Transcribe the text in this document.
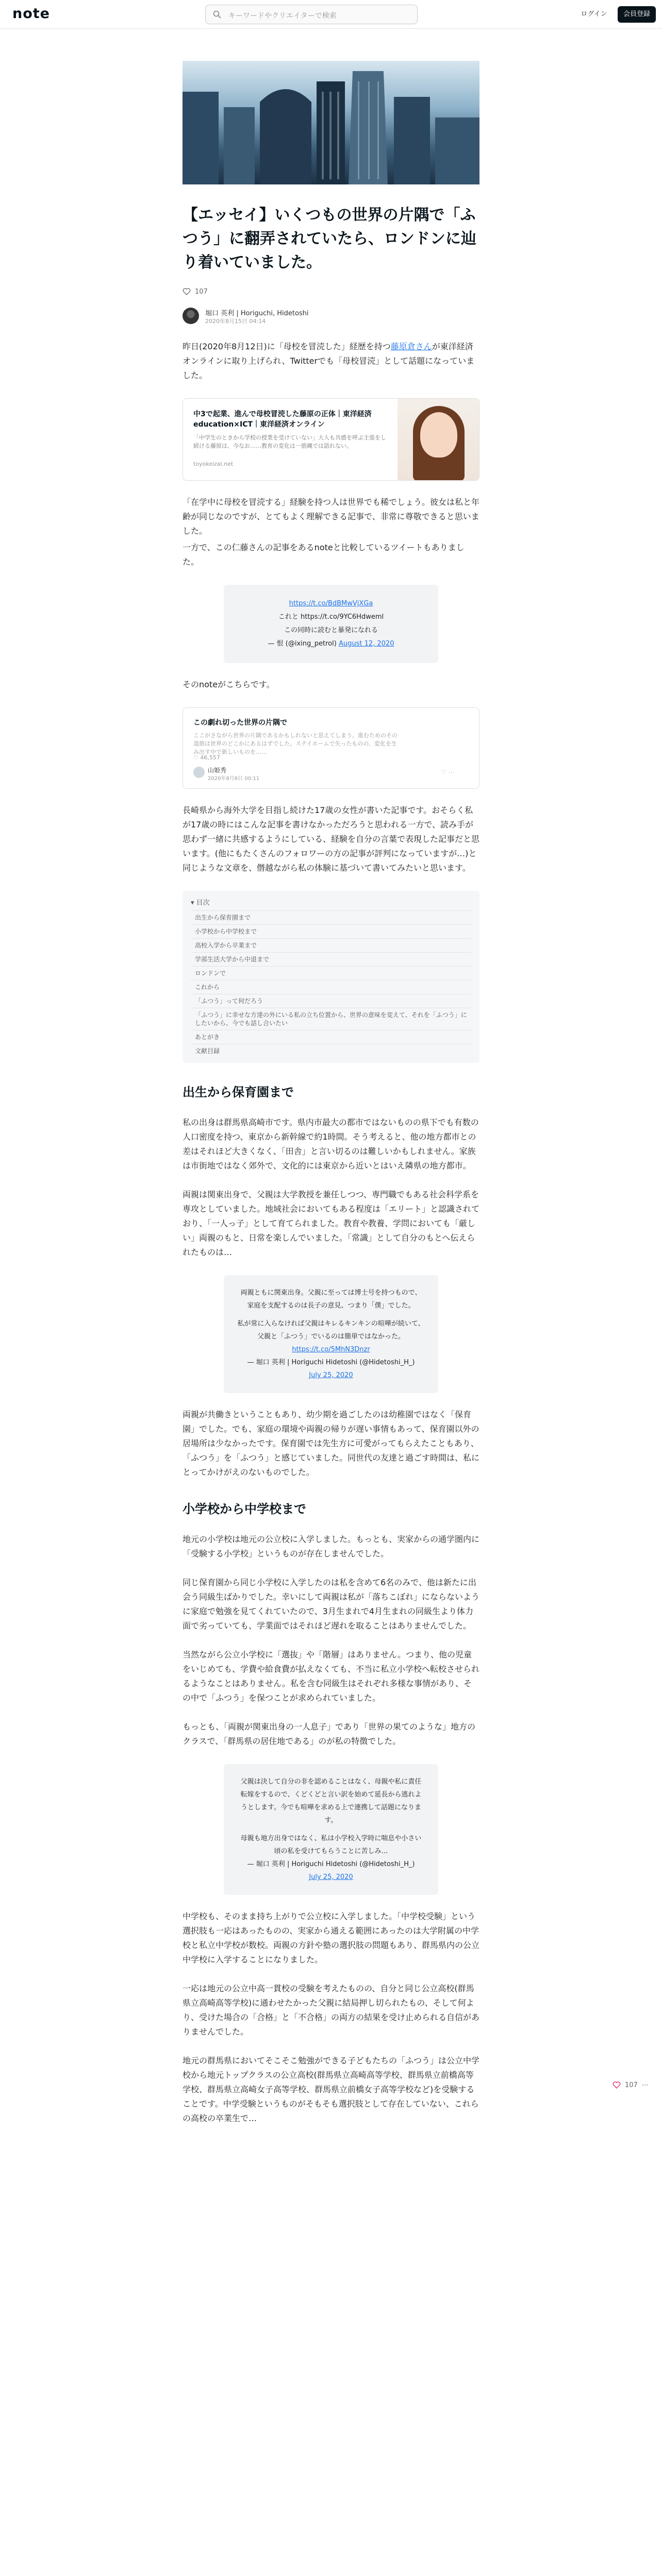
note	キーワードやクリエイターで検索	ログイン	会員登録
【エッセイ】いくつもの世界の片隅で「ふつう」に翻弄されていたら、ロンドンに辿り着いていました。
107
堀口 英利 | Horiguchi, Hidetoshi
2020年8月15日 04:14

昨日(2020年8月12日)に「母校を冒涜した」経歴を持つ藤原倉さんが東洋経済オンラインに取り上げられ、Twitterでも「母校冒涜」として話題になっていました。

中3で起業、進んで母校冒涜した藤原の正体｜東洋経済education×ICT｜東洋経済オンライン
「中学生のときから学校の授業を受けていない」大人も共感を呼ぶ主張をし続ける藤原は、今なお……教育の変化は一筋縄では語れない。
toyokeizai.net

「在学中に母校を冒涜する」経験を持つ人は世界でも稀でしょう。彼女は私と年齢が同じなのですが、とてもよく理解できる記事で、非常に尊敬できると思いました。

一方で、この仁藤さんの記事をあるnoteと比較しているツイートもありました。

https://t.co/BdBMwVjXGa
これと https://t.co/9YC6Hdweml
この同時に読むと暴発になれる
— 恨 (@ixing_petrol) August 12, 2020

そのnoteがこちらです。

この劇れ切った世界の片隅で
ここがさながら世界の片隅であるかもしれないと思えてしまう。進むためのその道筋は世界のどこかにあるはずでした。ステイホームで失ったものの、変化を生み出す中で新しいものを……
♡ 46,557
山姫秀
2020年8月8日 00:11
♡ ⋯

長崎県から海外大学を目指し続けた17歳の女性が書いた記事です。おそらく私が17歳の時にはこんな記事を書けなかっただろうと思われる一方で、読み手が思わず一緒に共感するようにしている、経験を自分の言葉で表現した記事だと思います。(他にもたくさんのフォロワーの方の記事が評判になっていますが…)と同じような文章を、僭越ながら私の体験に基づいて書いてみたいと思います。

▾ 目次
出生から保育園まで
小学校から中学校まで
高校入学から卒業まで
学部生活大学から中退まで
ロンドンで
これから
「ふつう」って何だろう
「ふつう」に幸せな方達の外にいる私の立ち位置から、世界の意味を変えて、それを「ふつう」にしたいから、今でも話し合いたい
あとがき
文献目録
出生から保育園まで

私の出身は群馬県高崎市です。県内市最大の都市ではないものの県下でも有数の人口密度を持つ、東京から新幹線で約1時間。そう考えると、他の地方都市との差はそれほど大きくなく、「田舎」と言い切るのは難しいかもしれません。家族は市街地ではなく郊外で、文化的には東京から近いとはいえ隣県の地方都市。

両親は関東出身で、父親は大学教授を兼任しつつ、専門職でもある社会科学系を専攻としていました。地域社会においてもある程度は「エリート」と認識されており、「一人っ子」として育てられました。教育や教養、学問においても「厳しい」両親のもと、日常を楽しんでいました。「常識」として自分のもとへ伝えられたものは…

両親ともに関東出身。父親に至っては博士号を持つもので、
家庭を支配するのは長子の意見、つまり「僕」でした。
私が常に入らなければ父親はキレるキンキンの喧嘩が続いて、
父親と「ふつう」でいるのは簡単ではなかった。
https://t.co/5MhN3Dnzr
— 堀口 英利 | Horiguchi Hidetoshi (@Hidetoshi_H_)
July 25, 2020

両親が共働きということもあり、幼少期を過ごしたのは幼稚園ではなく「保育園」でした。でも、家庭の環境や両親の帰りが遅い事情もあって、保育園以外の居場所は少なかったです。保育園では先生方に可愛がってもらえたこともあり、「ふつう」を「ふつう」と感じていました。同世代の友達と過ごす時間は、私にとってかけがえのないものでした。

小学校から中学校まで

地元の小学校は地元の公立校に入学しました。もっとも、実家からの通学圏内に「受験する小学校」というものが存在しませんでした。

同じ保育園から同じ小学校に入学したのは私を含めて6名のみで、他は新たに出会う同級生ばかりでした。幸いにして両親は私が「落ちこぼれ」にならないように家庭で勉強を見てくれていたので、3月生まれで4月生まれの同級生より体力面で劣っていても、学業面ではそれほど遅れを取ることはありませんでした。

当然ながら公立小学校に「選抜」や「階層」はありません。つまり、他の児童をいじめても、学費や給食費が払えなくても、不当に私立小学校へ転校させられるようなことはありません。私を含む同級生はそれぞれ多様な事情があり、その中で「ふつう」を保つことが求められていました。

もっとも、「両親が関東出身の一人息子」であり「世界の果てのような」地方のクラスで、「群馬県の居住地である」のが私の特徴でした。

父親は決して自分の非を認めることはなく、母親や私に責任
転嫁をするので、くどくどと言い訳を始めて延長から逃れよ
うとします。今でも喧嘩を求める上で連携して話題になりま
す。
母親も地方出身ではなく、私は小学校入学時に喘息や小さい
頃の私を受けてもらうことに苦しみ…
— 堀口 英利 | Horiguchi Hidetoshi (@Hidetoshi_H_)
July 25, 2020

中学校も、そのまま持ち上がりで公立校に入学しました。「中学校受験」という選択肢も一応はあったものの、実家から通える範囲にあったのは大学附属の中学校と私立中学校が数校。両親の方針や塾の選択肢の問題もあり、群馬県内の公立中学校に入学することになりました。

一応は地元の公立中高一貫校の受験を考えたものの、自分と同じ公立高校(群馬県立高崎高等学校)に通わせたかった父親に結局押し切られたもの、そして何より、受けた場合の「合格」と「不合格」の両方の結果を受け止められる自信がありませんでした。

地元の群馬県においてそこそこ勉強ができる子どもたちの「ふつう」は公立中学校から地元トップクラスの公立高校(群馬県立高崎高等学校、群馬県立前橋高等学校、群馬県立高崎女子高等学校、群馬県立前橋女子高等学校など)を受験することです。中学受験というものがそもそも選択肢として存在していない、これらの高校の卒業生で…

107 ⋯
